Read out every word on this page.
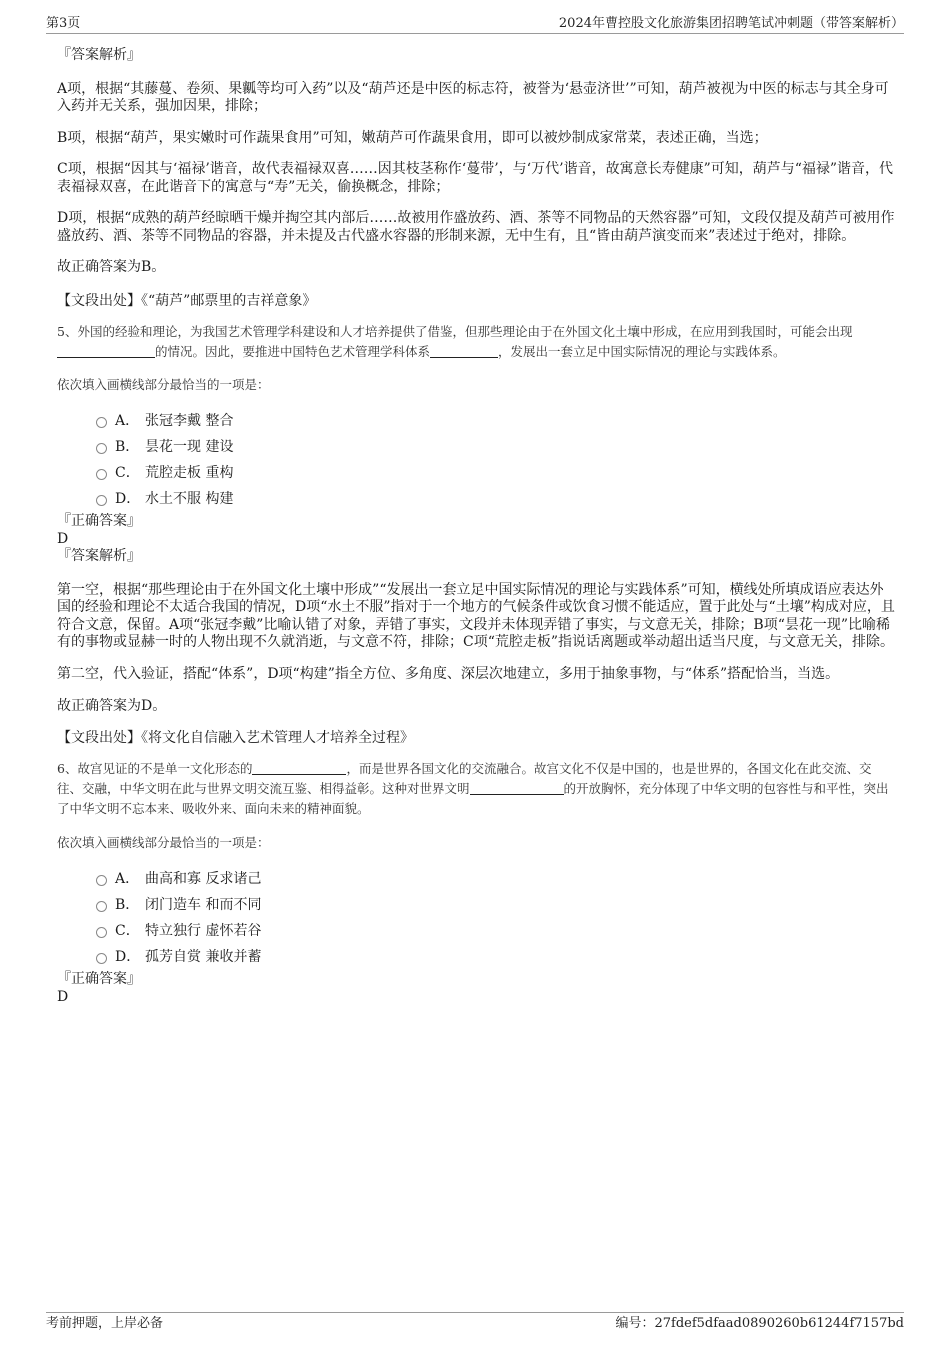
第3页	2024年曹控股文化旅游集团招聘笔试冲刺题（带答案解析）

『答案解析』

A项，根据“其藤蔓、卷须、果瓤等均可入药”以及“葫芦还是中医的标志符，被誉为‘悬壶济世’”可知，葫芦被视为中医的标志与其全身可入药并无关系，强加因果，排除；

B项，根据“葫芦，果实嫩时可作蔬果食用”可知，嫩葫芦可作蔬果食用，即可以被炒制成家常菜，表述正确，当选；

C项，根据“因其与‘福禄’谐音，故代表福禄双喜……因其枝茎称作‘蔓带’，与‘万代’谐音，故寓意长寿健康”可知，葫芦与“福禄”谐音，代表福禄双喜，在此谐音下的寓意与“寿”无关，偷换概念，排除；

D项，根据“成熟的葫芦经晾晒干燥并掏空其内部后……故被用作盛放药、酒、茶等不同物品的天然容器”可知，文段仅提及葫芦可被用作盛放药、酒、茶等不同物品的容器，并未提及古代盛水容器的形制来源，无中生有，且“皆由葫芦演变而来”表述过于绝对，排除。

故正确答案为B。

【文段出处】《“葫芦”邮票里的吉祥意象》

5、外国的经验和理论，为我国艺术管理学科建设和人才培养提供了借鉴，但那些理论由于在外国文化土壤中形成，在应用到我国时，可能会出现的情况。因此，要推进中国特色艺术管理学科体系	，发展出一套立足中国实际情况的理论与实践体系。

依次填入画横线部分最恰当的一项是：

A． 张冠李戴 整合
B． 昙花一现 建设
C． 荒腔走板 重构
D． 水土不服 构建

『正确答案』

D

『答案解析』

第一空，根据“那些理论由于在外国文化土壤中形成”“发展出一套立足中国实际情况的理论与实践体系”可知，横线处所填成语应表达外国的经验和理论不太适合我国的情况，D项“水土不服”指对于一个地方的气候条件或饮食习惯不能适应，置于此处与“土壤”构成对应，且符合文意，保留。A项“张冠李戴”比喻认错了对象，弄错了事实，文段并未体现弄错了事实，与文意无关，排除；B项“昙花一现”比喻稀有的事物或显赫一时的人物出现不久就消逝，与文意不符，排除；C项“荒腔走板”指说话离题或举动超出适当尺度，与文意无关，排除。

第二空，代入验证，搭配“体系”，D项“构建”指全方位、多角度、深层次地建立，多用于抽象事物，与“体系”搭配恰当，当选。

故正确答案为D。

【文段出处】《将文化自信融入艺术管理人才培养全过程》

6、故宫见证的不是单一文化形态的	，而是世界各国文化的交流融合。故宫文化不仅是中国的，也是世界的，各国文化在此交流、交往、交融，中华文明在此与世界文明交流互鉴、相得益彰。这种对世界文明	的开放胸怀，充分体现了中华文明的包容性与和平性，突出了中华文明不忘本来、吸收外来、面向未来的精神面貌。

依次填入画横线部分最恰当的一项是：

A． 曲高和寡 反求诸己
B． 闭门造车 和而不同
C． 特立独行 虚怀若谷
D． 孤芳自赏 兼收并蓄

『正确答案』

D

考前押题，上岸必备	编号：27fdef5dfaad0890260b61244f7157bd
